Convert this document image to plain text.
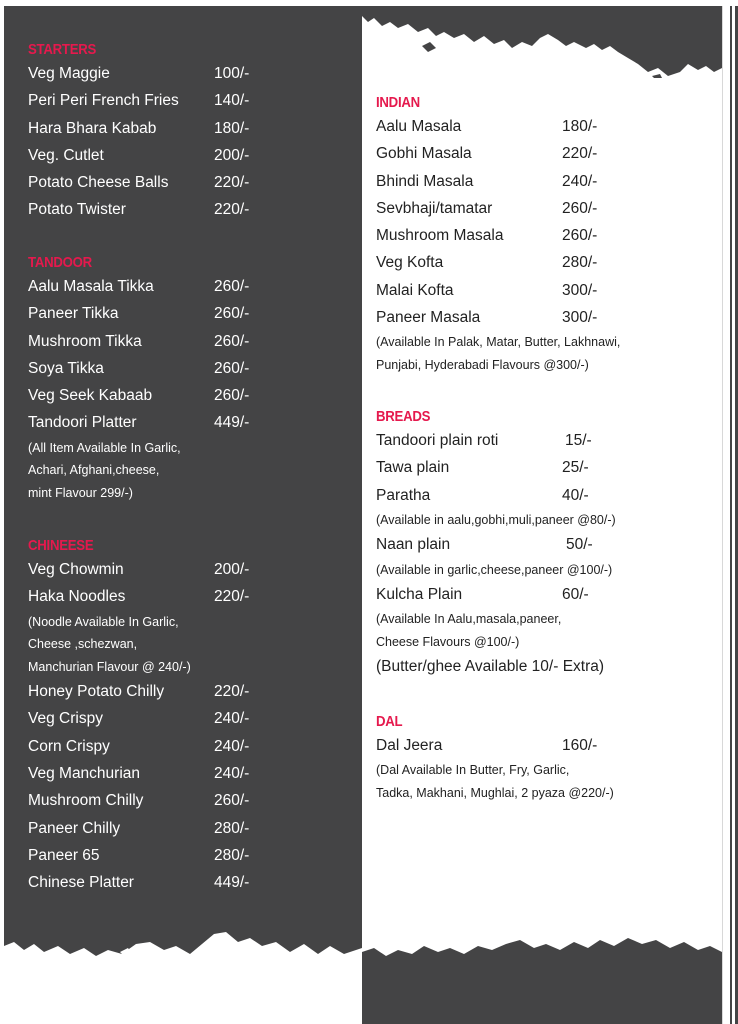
STARTERS
Veg Maggie	100/-
Peri Peri French Fries 140/-
Hara Bhara Kabab	180/-
Veg. Cutlet	200/-
Potato Cheese Balls	220/-
Potato Twister	220/-
TANDOOR
Aalu Masala Tikka	260/-
Paneer Tikka	260/-
Mushroom Tikka	260/-
Soya Tikka	260/-
Veg Seek Kabaab	260/-
Tandoori Platter	449/-
(All Item Available In Garlic,
Achari, Afghani,cheese,
mint Flavour 299/-)
CHINEESE
Veg Chowmin	200/-
Haka Noodles	220/-
(Noodle Available In Garlic,
Cheese ,schezwan,
Manchurian Flavour @ 240/-)
Honey Potato Chilly	220/-
Veg Crispy	240/-
Corn Crispy	240/-
Veg Manchurian	240/-
Mushroom Chilly	260/-
Paneer Chilly	280/-
Paneer 65	280/-
Chinese Platter	449/-
INDIAN
Aalu Masala	180/-
Gobhi Masala	220/-
Bhindi Masala	240/-
Sevbhaji/tamatar	260/-
Mushroom Masala	260/-
Veg Kofta	280/-
Malai Kofta	300/-
Paneer Masala	300/-
(Available In Palak, Matar, Butter, Lakhnawi,
Punjabi, Hyderabadi Flavours @300/-)
BREADS
Tandoori plain roti	15/-
Tawa plain	25/-
Paratha	40/-
(Available in aalu,gobhi,muli,paneer @80/-)
Naan plain	50/-
(Available in garlic,cheese,paneer @100/-)
Kulcha Plain	60/-
(Available In Aalu,masala,paneer,
Cheese Flavours @100/-)
(Butter/ghee Available 10/- Extra)
DAL
Dal Jeera	160/-
(Dal Available In Butter, Fry, Garlic,
Tadka, Makhani, Mughlai, 2 pyaza @220/-)
